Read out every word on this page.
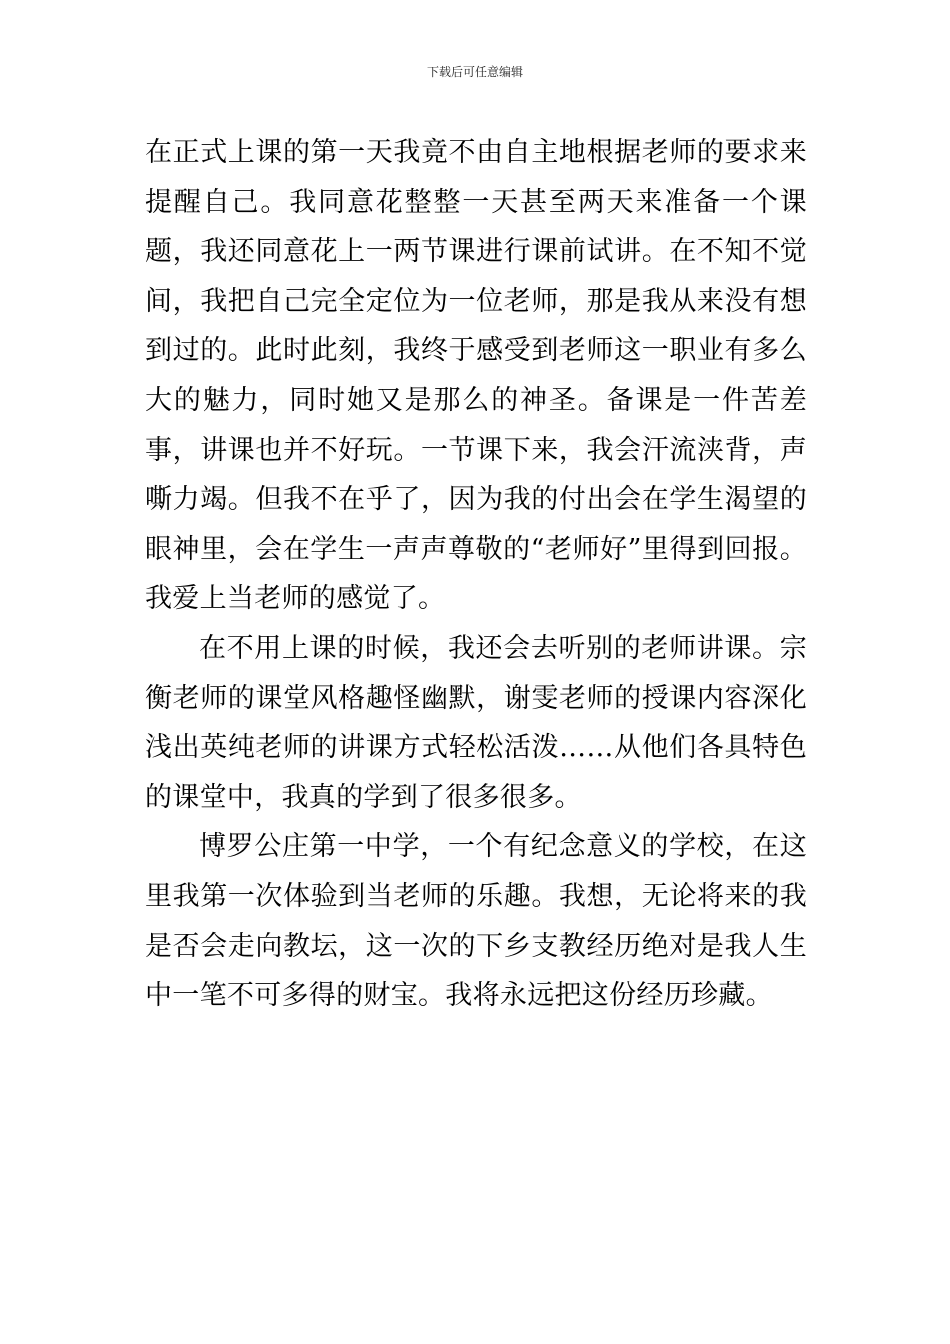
下载后可任意编辑

在正式上课的第一天我竟不由自主地根据老师的要求来提醒自己。我同意花整整一天甚至两天来准备一个课题，我还同意花上一两节课进行课前试讲。在不知不觉间，我把自己完全定位为一位老师，那是我从来没有想到过的。此时此刻，我终于感受到老师这一职业有多么大的魅力，同时她又是那么的神圣。备课是一件苦差事，讲课也并不好玩。一节课下来，我会汗流浃背，声嘶力竭。但我不在乎了，因为我的付出会在学生渴望的眼神里，会在学生一声声尊敬的“老师好”里得到回报。我爱上当老师的感觉了。

在不用上课的时候，我还会去听别的老师讲课。宗衡老师的课堂风格趣怪幽默，谢雯老师的授课内容深化浅出英纯老师的讲课方式轻松活泼……从他们各具特色的课堂中，我真的学到了很多很多。

博罗公庄第一中学，一个有纪念意义的学校，在这里我第一次体验到当老师的乐趣。我想，无论将来的我是否会走向教坛，这一次的下乡支教经历绝对是我人生中一笔不可多得的财宝。我将永远把这份经历珍藏。
